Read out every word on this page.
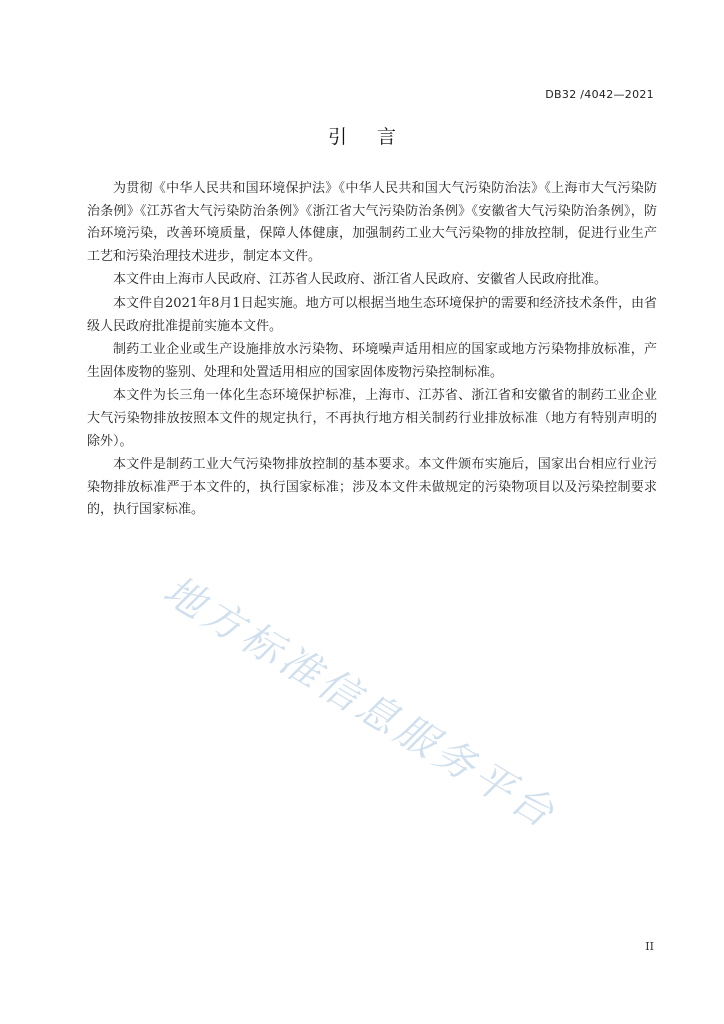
DB32 /4042—2021
引 言

为贯彻《中华人民共和国环境保护法》《中华人民共和国大气污染防治法》《上海市大气污染防治条例》《江苏省大气污染防治条例》《浙江省大气污染防治条例》《安徽省大气污染防治条例》，防治环境污染，改善环境质量，保障人体健康，加强制药工业大气污染物的排放控制，促进行业生产工艺和污染治理技术进步，制定本文件。

本文件由上海市人民政府、江苏省人民政府、浙江省人民政府、安徽省人民政府批准。

本文件自2021年8月1日起实施。地方可以根据当地生态环境保护的需要和经济技术条件，由省级人民政府批准提前实施本文件。

制药工业企业或生产设施排放水污染物、环境噪声适用相应的国家或地方污染物排放标准，产生固体废物的鉴别、处理和处置适用相应的国家固体废物污染控制标准。

本文件为长三角一体化生态环境保护标准，上海市、江苏省、浙江省和安徽省的制药工业企业大气污染物排放按照本文件的规定执行，不再执行地方相关制药行业排放标准（地方有特别声明的除外）。

本文件是制药工业大气污染物排放控制的基本要求。本文件颁布实施后，国家出台相应行业污染物排放标准严于本文件的，执行国家标准；涉及本文件未做规定的污染物项目以及污染控制要求的，执行国家标准。

地方标准信息服务平台
II
